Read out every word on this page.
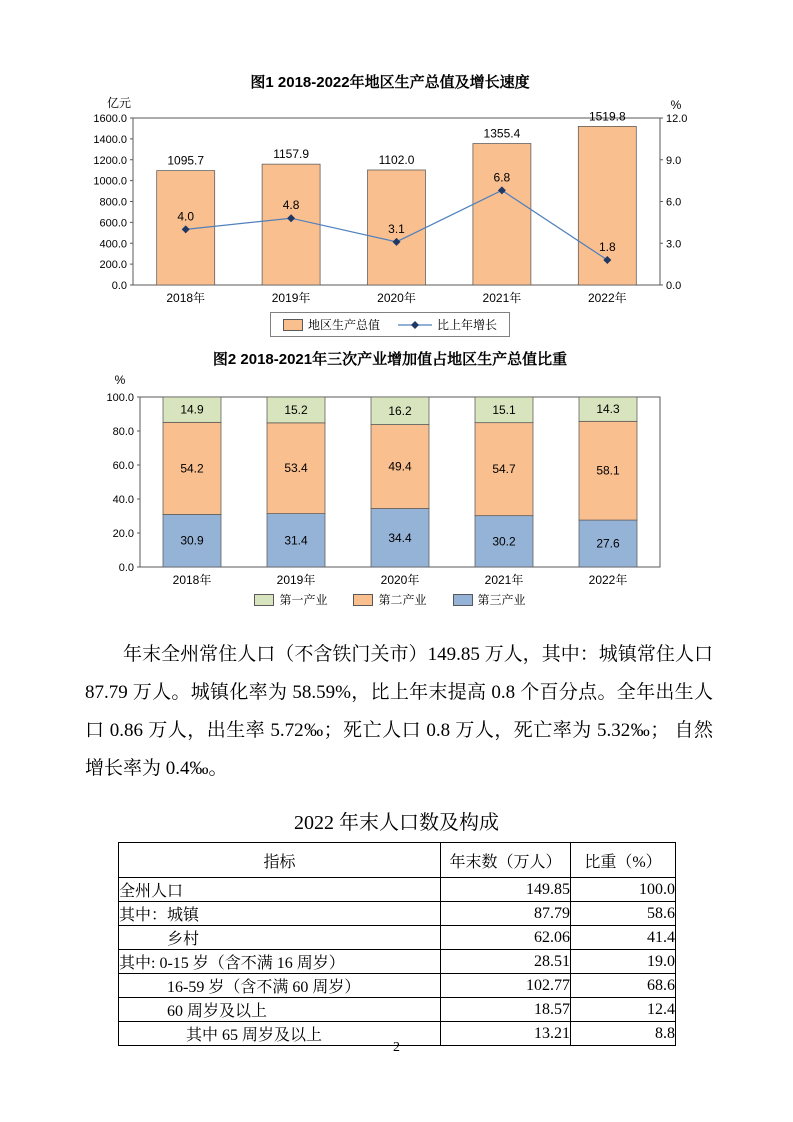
图1 2018-2022年地区生产总值及增长速度
0.0
200.0
400.0
600.0
800.0
1000.0
1200.0
1400.0
1600.0
0.0
3.0
6.0
9.0
12.0
亿元	%
1095.7
2018年
1157.9
2019年
1102.0
2020年
1355.4
2021年
1519.8
2022年
4.0
4.8
3.1
6.8
1.8
地区生产总值	比上年增长
图2 2018-2021年三次产业增加值占地区生产总值比重
0.0
20.0
40.0
60.0
80.0
100.0
%
30.9
54.2
14.9
2018年
31.4
53.4
15.2
2019年
34.4
49.4
16.2
2020年
30.2
54.7
15.1
2021年
27.6
58.1
14.3
2022年
第一产业	第二产业	第三产业
年末全州常住人口（不含铁门关市）149.85 万人，其中：城镇常住人口 87.79 万人。城镇化率为 58.59%，比上年末提高 0.8 个百分点。全年出生人口 0.86 万人，出生率 5.72‰；死亡人口 0.8 万人，死亡率为 5.32‰； 自然增长率为 0.4‰。
2022 年末人口数及构成
指标	年末数（万人）	比重（%）
全州人口	149.85	100.0
其中：城镇	87.79	58.6
乡村	62.06	41.4
其中: 0-15 岁（含不满 16 周岁）	28.51	19.0
16-59 岁（含不满 60 周岁）	102.77	68.6
60 周岁及以上	18.57	12.4
其中 65 周岁及以上	13.21	8.8
2
